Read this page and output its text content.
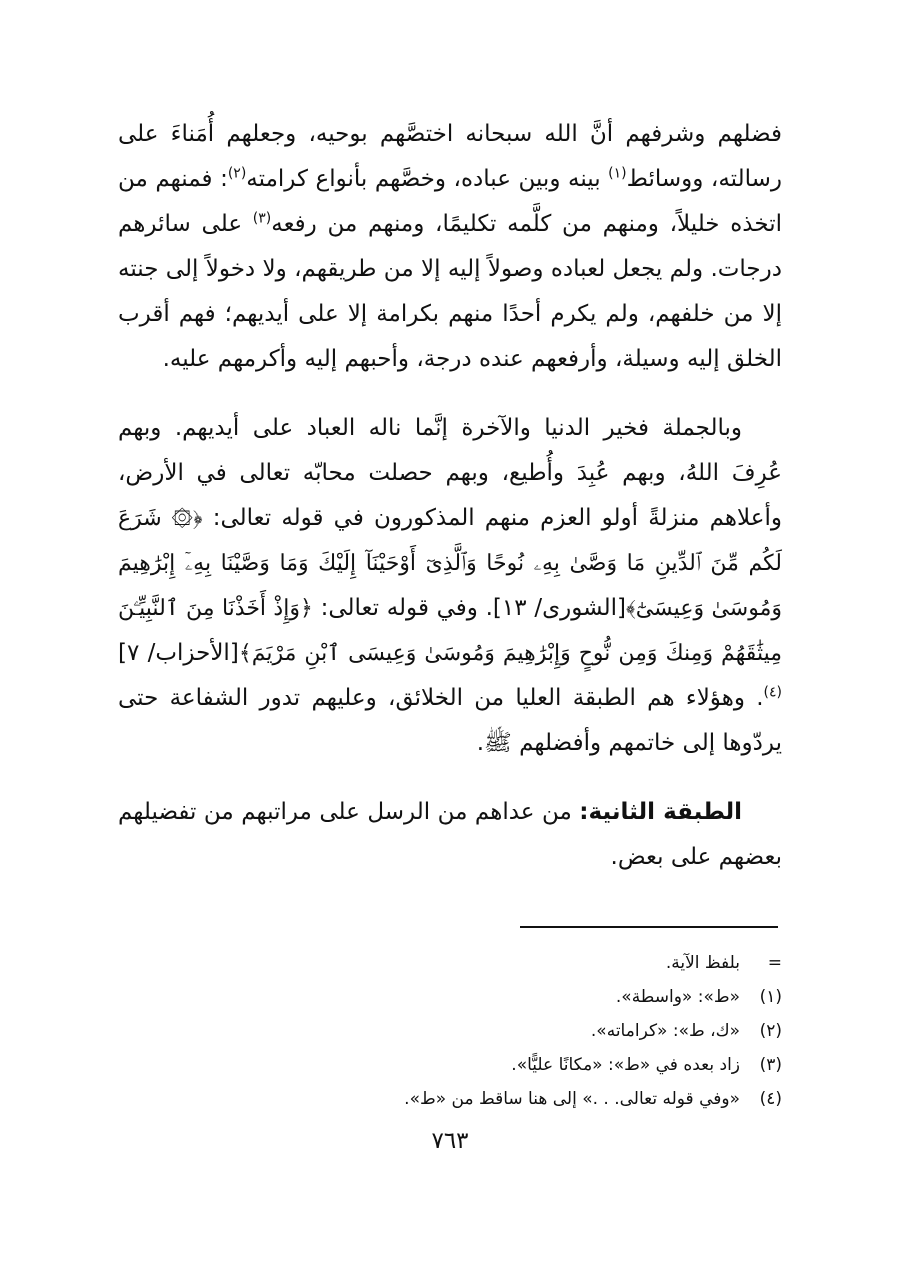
فضلهم وشرفهم أنَّ الله سبحانه اختصَّهم بوحيه، وجعلهم أُمَناءَ على رسالته، ووسائط$^{(١)}$ بينه وبين عباده، وخصَّهم بأنواع كرامته$^{(٢)}$: فمنهم من اتخذه خليلاً، ومنهم من كلَّمه تكليمًا، ومنهم من رفعه$^{(٣)}$ على سائرهم درجات. ولم يجعل لعباده وصولاً إليه إلا من طريقهم، ولا دخولاً إلى جنته إلا من خلفهم، ولم يكرم أحدًا منهم بكرامة إلا على أيديهم؛ فهم أقرب الخلق إليه وسيلة، وأرفعهم عنده درجة، وأحبهم إليه وأكرمهم عليه.

وبالجملة فخير الدنيا والآخرة إنَّما ناله العباد على أيديهم. وبهم عُرِفَ اللهُ، وبهم عُبِدَ وأُطيع، وبهم حصلت محابّه تعالى في الأرض، وأعلاهم منزلةً أولو العزم منهم المذكورون في قوله تعالى: ﴿۞ شَرَعَ لَكُم مِّنَ ٱلدِّينِ مَا وَصَّىٰ بِهِۦ نُوحًا وَٱلَّذِىٓ أَوْحَيْنَآ إِلَيْكَ وَمَا وَصَّيْنَا بِهِۦٓ إِبْرَٰهِيمَ وَمُوسَىٰ وَعِيسَىٰٓ﴾[الشورى/ ١٣]. وفي قوله تعالى: ﴿وَإِذْ أَخَذْنَا مِنَ ٱلنَّبِيِّـۧنَ مِيثَٰقَهُمْ وَمِنكَ وَمِن نُّوحٍ وَإِبْرَٰهِيمَ وَمُوسَىٰ وَعِيسَى ٱبْنِ مَرْيَمَ﴾[الأحزاب/ ٧]$^{(٤)}$. وهؤلاء هم الطبقة العليا من الخلائق، وعليهم تدور الشفاعة حتى يردّوها إلى خاتمهم وأفضلهم ﷺ.

الطبقة الثانية: من عداهم من الرسل على مراتبهم من تفضيلهم بعضهم على بعض.

=
بلفظ الآية.
(١)
«ط»: «واسطة».
(٢)
«ك، ط»: «كراماته».
(٣)
زاد بعده في «ط»: «مكانًا عليًّا».
(٤)
«وفي قوله تعالى. . .» إلى هنا ساقط من «ط».
٧٦٣
